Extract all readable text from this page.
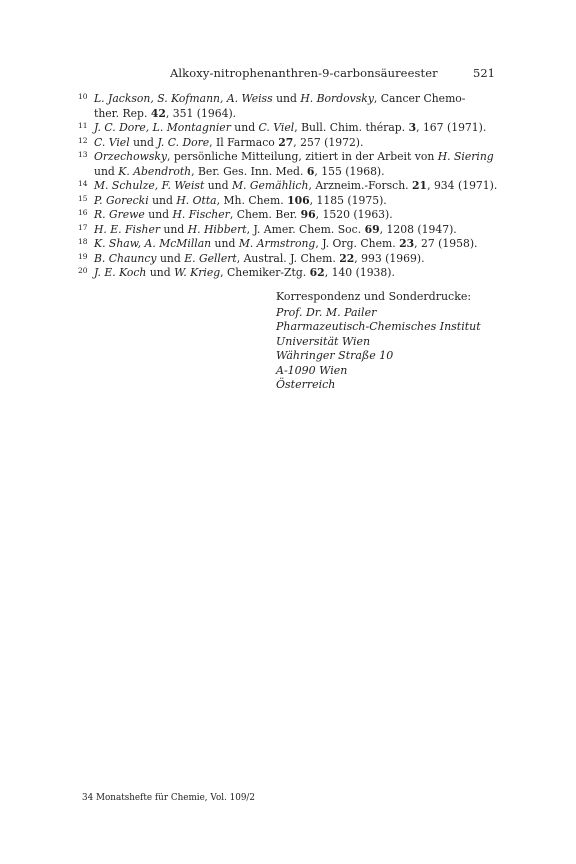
Alkoxy-nitrophenanthren-9-carbonsäureester	521
10 L. Jackson, S. Kofmann, A. Weiss und H. Bordovsky, Cancer Chemo-
ther. Rep. 42, 351 (1964).
11 J. C. Dore, L. Montagnier und C. Viel, Bull. Chim. thérap. 3, 167 (1971).
12 C. Viel und J. C. Dore, Il Farmaco 27, 257 (1972).
13 Orzechowsky, persönliche Mitteilung, zitiert in der Arbeit von H. Siering
und K. Abendroth, Ber. Ges. Inn. Med. 6, 155 (1968).
14 M. Schulze, F. Weist und M. Gemählich, Arzneim.-Forsch. 21, 934 (1971).
15 P. Gorecki und H. Otta, Mh. Chem. 106, 1185 (1975).
16 R. Grewe und H. Fischer, Chem. Ber. 96, 1520 (1963).
17 H. E. Fisher und H. Hibbert, J. Amer. Chem. Soc. 69, 1208 (1947).
18 K. Shaw, A. McMillan und M. Armstrong, J. Org. Chem. 23, 27 (1958).
19 B. Chauncy und E. Gellert, Austral. J. Chem. 22, 993 (1969).
20 J. E. Koch und W. Krieg, Chemiker-Ztg. 62, 140 (1938).
Korrespondenz und Sonderdrucke:
Prof. Dr. M. Pailer
Pharmazeutisch-Chemisches Institut
Universität Wien
Währinger Straße 10
A-1090 Wien
Österreich
34 Monatshefte für Chemie, Vol. 109/2
